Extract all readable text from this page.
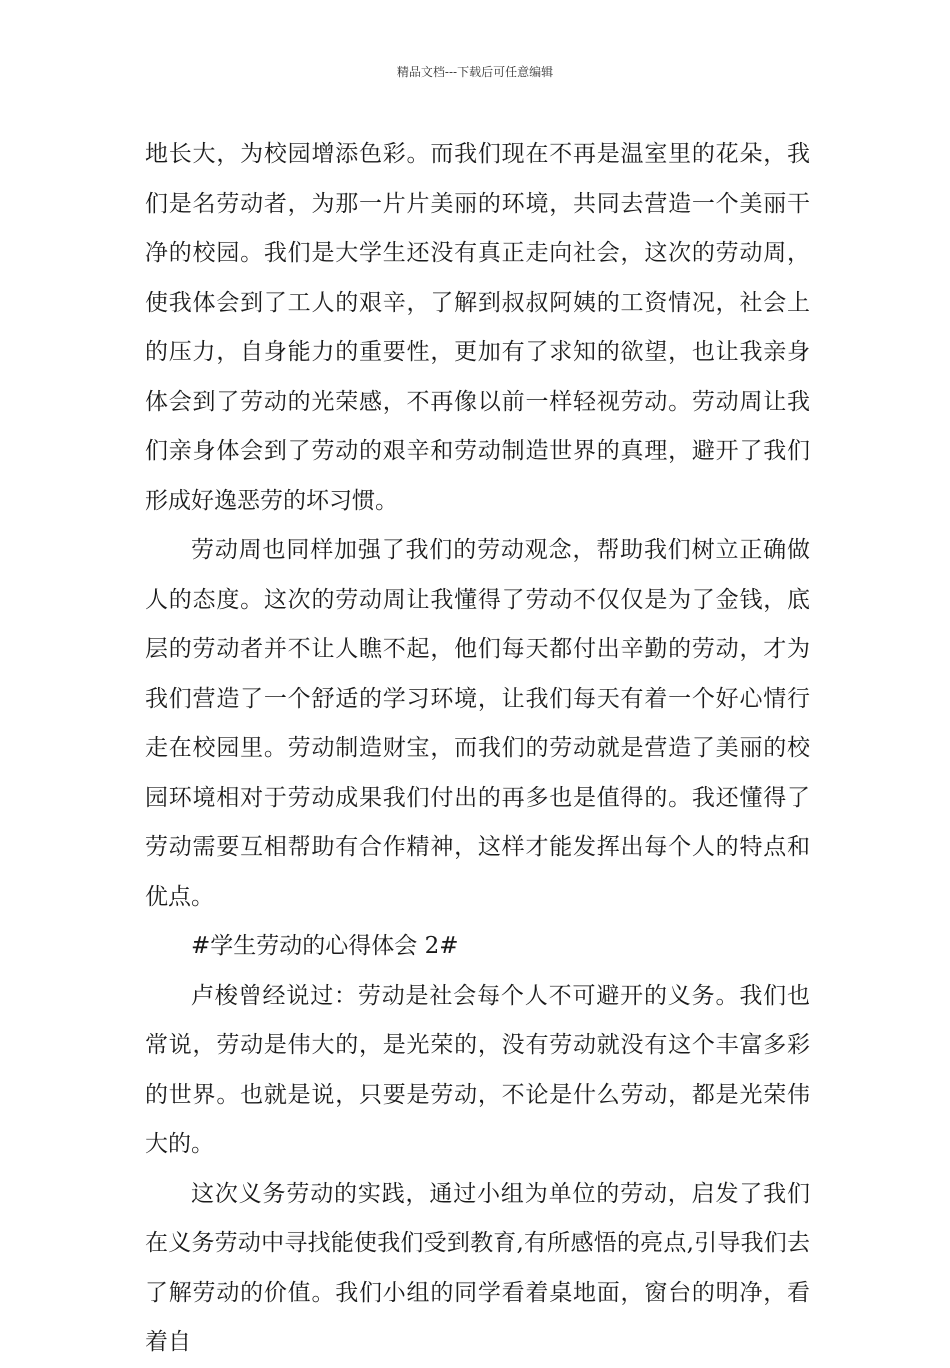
精品文档---下载后可任意编辑

地长大，为校园增添色彩。而我们现在不再是温室里的花朵，我们是名劳动者，为那一片片美丽的环境，共同去营造一个美丽干净的校园。我们是大学生还没有真正走向社会，这次的劳动周，使我体会到了工人的艰辛，了解到叔叔阿姨的工资情况，社会上的压力，自身能力的重要性，更加有了求知的欲望，也让我亲身体会到了劳动的光荣感，不再像以前一样轻视劳动。劳动周让我们亲身体会到了劳动的艰辛和劳动制造世界的真理，避开了我们形成好逸恶劳的坏习惯。

劳动周也同样加强了我们的劳动观念，帮助我们树立正确做人的态度。这次的劳动周让我懂得了劳动不仅仅是为了金钱，底层的劳动者并不让人瞧不起，他们每天都付出辛勤的劳动，才为我们营造了一个舒适的学习环境，让我们每天有着一个好心情行走在校园里。劳动制造财宝，而我们的劳动就是营造了美丽的校园环境相对于劳动成果我们付出的再多也是值得的。我还懂得了劳动需要互相帮助有合作精神，这样才能发挥出每个人的特点和优点。

#学生劳动的心得体会 2#

卢梭曾经说过：劳动是社会每个人不可避开的义务。我们也常说，劳动是伟大的，是光荣的，没有劳动就没有这个丰富多彩的世界。也就是说，只要是劳动，不论是什么劳动，都是光荣伟大的。

这次义务劳动的实践，通过小组为单位的劳动，启发了我们在义务劳动中寻找能使我们受到教育,有所感悟的亮点,引导我们去了解劳动的价值。我们小组的同学看着桌地面，窗台的明净，看着自
